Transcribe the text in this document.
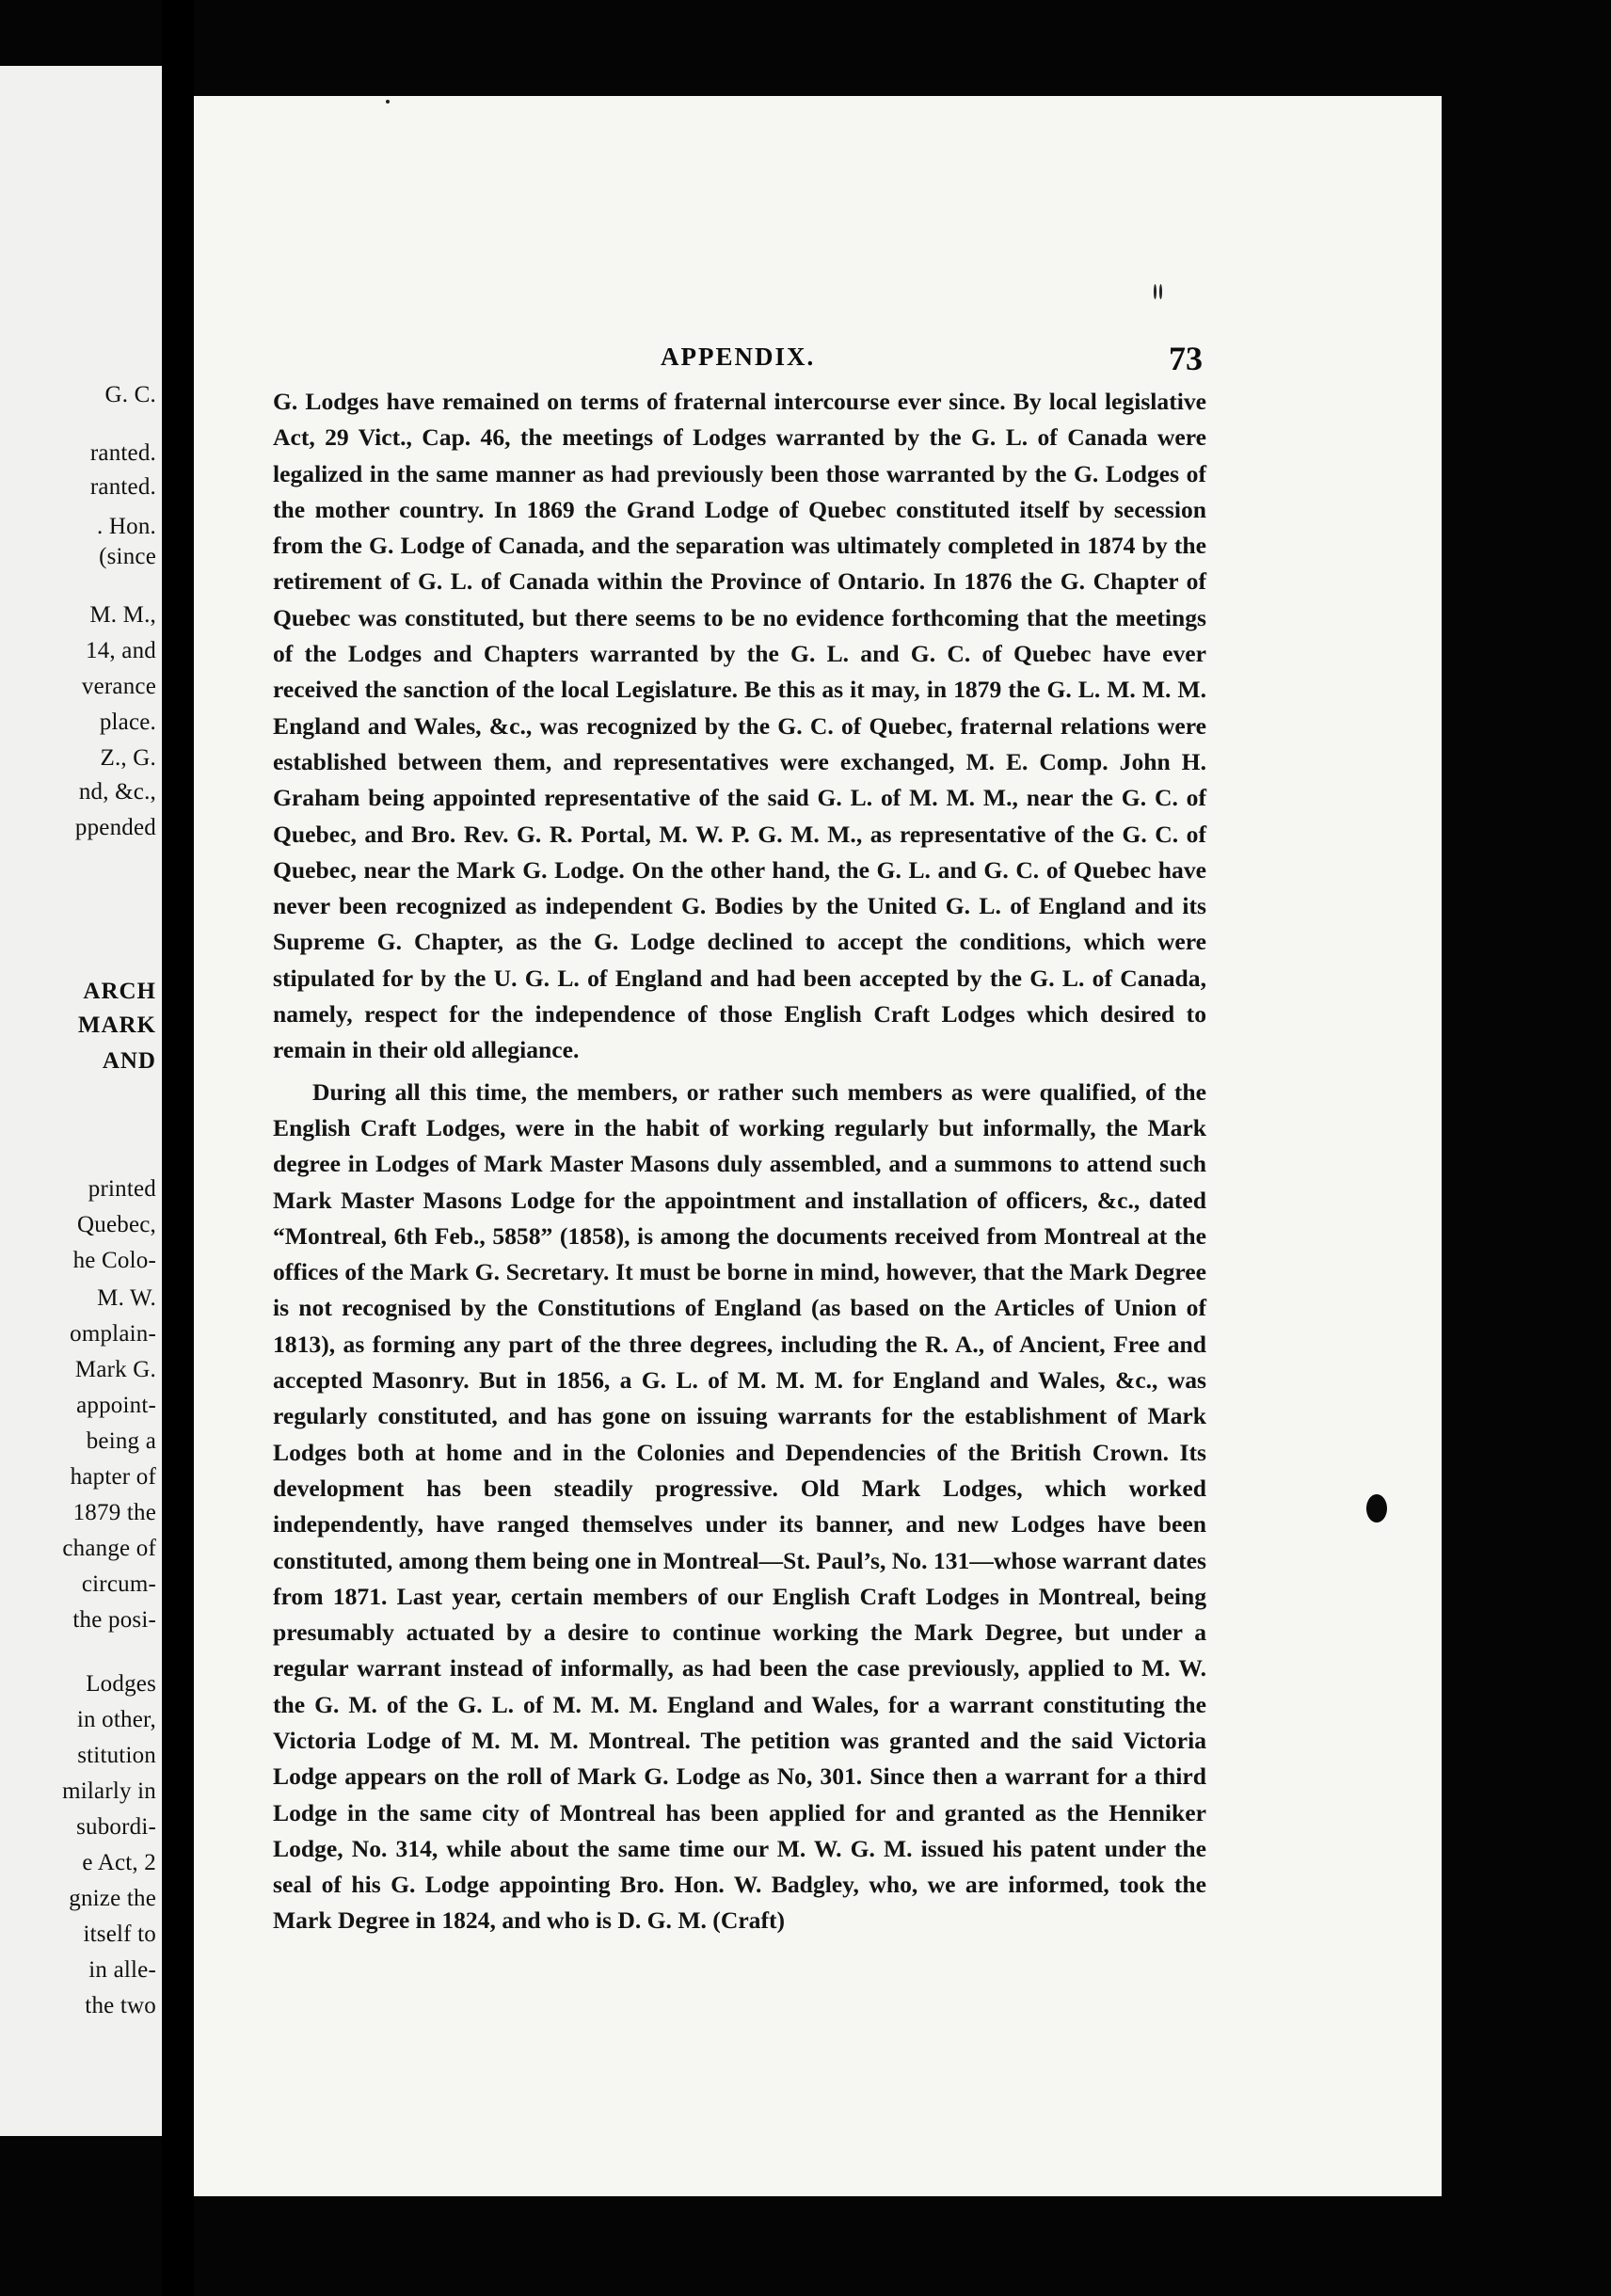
G. C.
ranted.
ranted.
. Hon.
(since
M. M.,
14, and
verance
place.
Z., G.
nd, &c.,
ppended
ARCH
MARK
AND
printed
Quebec,
he Colo-
M. W.
omplain-
Mark G.
appoint-
being a
hapter of
1879 the
change of
circum-
the posi-
Lodges
in other,
stitution
milarly in
subordi-
e Act, 2
gnize the
itself to
in alle-
the two
APPENDIX.	73

G. Lodges have remained on terms of fraternal intercourse ever since. By local legislative Act, 29 Vict., Cap. 46, the meetings of Lodges warranted by the G. L. of Canada were legalized in the same manner as had previously been those warranted by the G. Lodges of the mother country. In 1869 the Grand Lodge of Quebec constituted itself by secession from the G. Lodge of Canada, and the separation was ultimately completed in 1874 by the retirement of G. L. of Canada within the Province of Ontario. In 1876 the G. Chapter of Quebec was constituted, but there seems to be no evidence forthcoming that the meetings of the Lodges and Chapters warranted by the G. L. and G. C. of Quebec have ever received the sanction of the local Legislature. Be this as it may, in 1879 the G. L. M. M. M. England and Wales, &c., was recognized by the G. C. of Quebec, fraternal relations were established between them, and representatives were exchanged, M. E. Comp. John H. Graham being appointed representative of the said G. L. of M. M. M., near the G. C. of Quebec, and Bro. Rev. G. R. Portal, M. W. P. G. M. M., as representative of the G. C. of Quebec, near the Mark G. Lodge. On the other hand, the G. L. and G. C. of Quebec have never been recognized as independent G. Bodies by the United G. L. of England and its Supreme G. Chapter, as the G. Lodge declined to accept the conditions, which were stipulated for by the U. G. L. of England and had been accepted by the G. L. of Canada, namely, respect for the independence of those English Craft Lodges which desired to remain in their old allegiance.

During all this time, the members, or rather such members as were qualified, of the English Craft Lodges, were in the habit of working regularly but informally, the Mark degree in Lodges of Mark Master Masons duly assembled, and a summons to attend such Mark Master Masons Lodge for the appointment and installation of officers, &c., dated “Montreal, 6th Feb., 5858” (1858), is among the documents received from Montreal at the offices of the Mark G. Secretary. It must be borne in mind, however, that the Mark Degree is not recognised by the Constitutions of England (as based on the Articles of Union of 1813), as forming any part of the three degrees, including the R. A., of Ancient, Free and accepted Masonry. But in 1856, a G. L. of M. M. M. for England and Wales, &c., was regularly constituted, and has gone on issuing warrants for the establishment of Mark Lodges both at home and in the Colonies and Dependencies of the British Crown. Its development has been steadily progressive. Old Mark Lodges, which worked independently, have ranged themselves under its banner, and new Lodges have been constituted, among them being one in Montreal—St. Paul’s, No. 131—whose warrant dates from 1871. Last year, certain members of our English Craft Lodges in Montreal, being presumably actuated by a desire to continue working the Mark Degree, but under a regular warrant instead of informally, as had been the case previously, applied to M. W. the G. M. of the G. L. of M. M. M. England and Wales, for a warrant constituting the Victoria Lodge of M. M. M. Montreal. The petition was granted and the said Victoria Lodge appears on the roll of Mark G. Lodge as No, 301. Since then a warrant for a third Lodge in the same city of Montreal has been applied for and granted as the Henniker Lodge, No. 314, while about the same time our M. W. G. M. issued his patent under the seal of his G. Lodge appointing Bro. Hon. W. Badgley, who, we are informed, took the Mark Degree in 1824, and who is D. G. M. (Craft)
